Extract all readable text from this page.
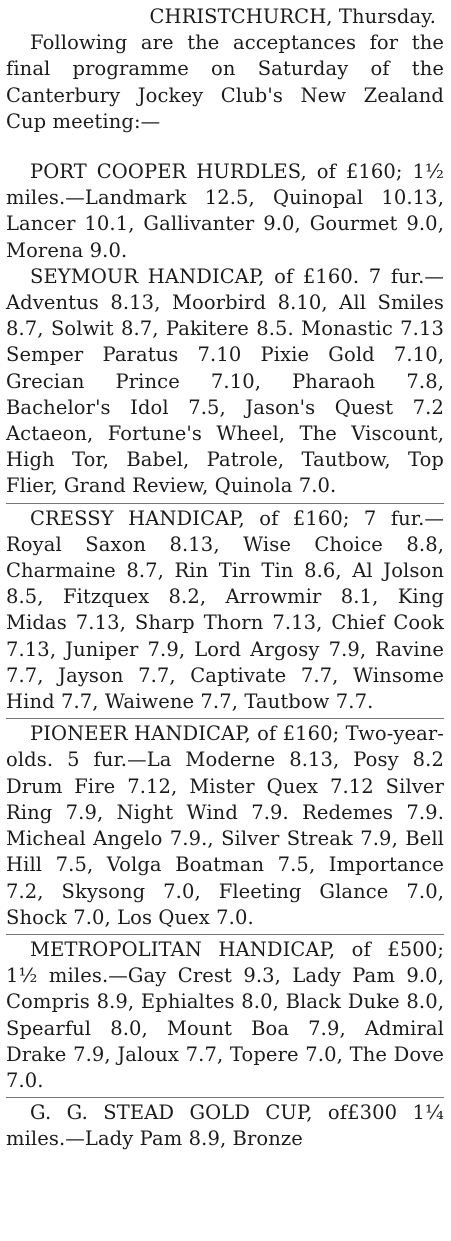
CHRISTCHURCH, Thursday.

Following are the acceptances for the final programme on Saturday of the Canterbury Jockey Club's New Zealand Cup meeting:—

PORT COOPER HURDLES, of £160; 1½ miles.—Landmark 12.5, Quinopal 10.13, Lancer 10.1, Gallivanter 9.0, Gourmet 9.0, Morena 9.0.

SEYMOUR HANDICAP, of £160. 7 fur.—Adventus 8.13, Moorbird 8.10, All Smiles 8.7, Solwit 8.7, Pakitere 8.5. Monastic 7.13 Semper Paratus 7.10 Pixie Gold 7.10, Grecian Prince 7.10, Pharaoh 7.8, Bachelor's Idol 7.5, Jason's Quest 7.2 Actaeon, Fortune's Wheel, The Viscount, High Tor, Babel, Patrole, Tautbow, Top Flier, Grand Review, Quinola 7.0.

CRESSY HANDICAP, of £160; 7 fur.—Royal Saxon 8.13, Wise Choice 8.8, Charmaine 8.7, Rin Tin Tin 8.6, Al Jolson 8.5, Fitzquex 8.2, Arrowmir 8.1, King Midas 7.13, Sharp Thorn 7.13, Chief Cook 7.13, Juniper 7.9, Lord Argosy 7.9, Ravine 7.7, Jayson 7.7, Captivate 7.7, Winsome Hind 7.7, Waiwene 7.7, Tautbow 7.7.

PIONEER HANDICAP, of £160; Two-year-olds. 5 fur.—La Moderne 8.13, Posy 8.2 Drum Fire 7.12, Mister Quex 7.12 Silver Ring 7.9, Night Wind 7.9. Redemes 7.9. Micheal Angelo 7.9., Silver Streak 7.9, Bell Hill 7.5, Volga Boatman 7.5, Importance 7.2, Skysong 7.0, Fleeting Glance 7.0, Shock 7.0, Los Quex 7.0.

METROPOLITAN HANDICAP, of £500; 1½ miles.—Gay Crest 9.3, Lady Pam 9.0, Compris 8.9, Ephialtes 8.0, Black Duke 8.0, Spearful 8.0, Mount Boa 7.9, Admiral Drake 7.9, Jaloux 7.7, Topere 7.0, The Dove 7.0.

G. G. STEAD GOLD CUP, of£300 1¼ miles.—Lady Pam 8.9, Bronze
